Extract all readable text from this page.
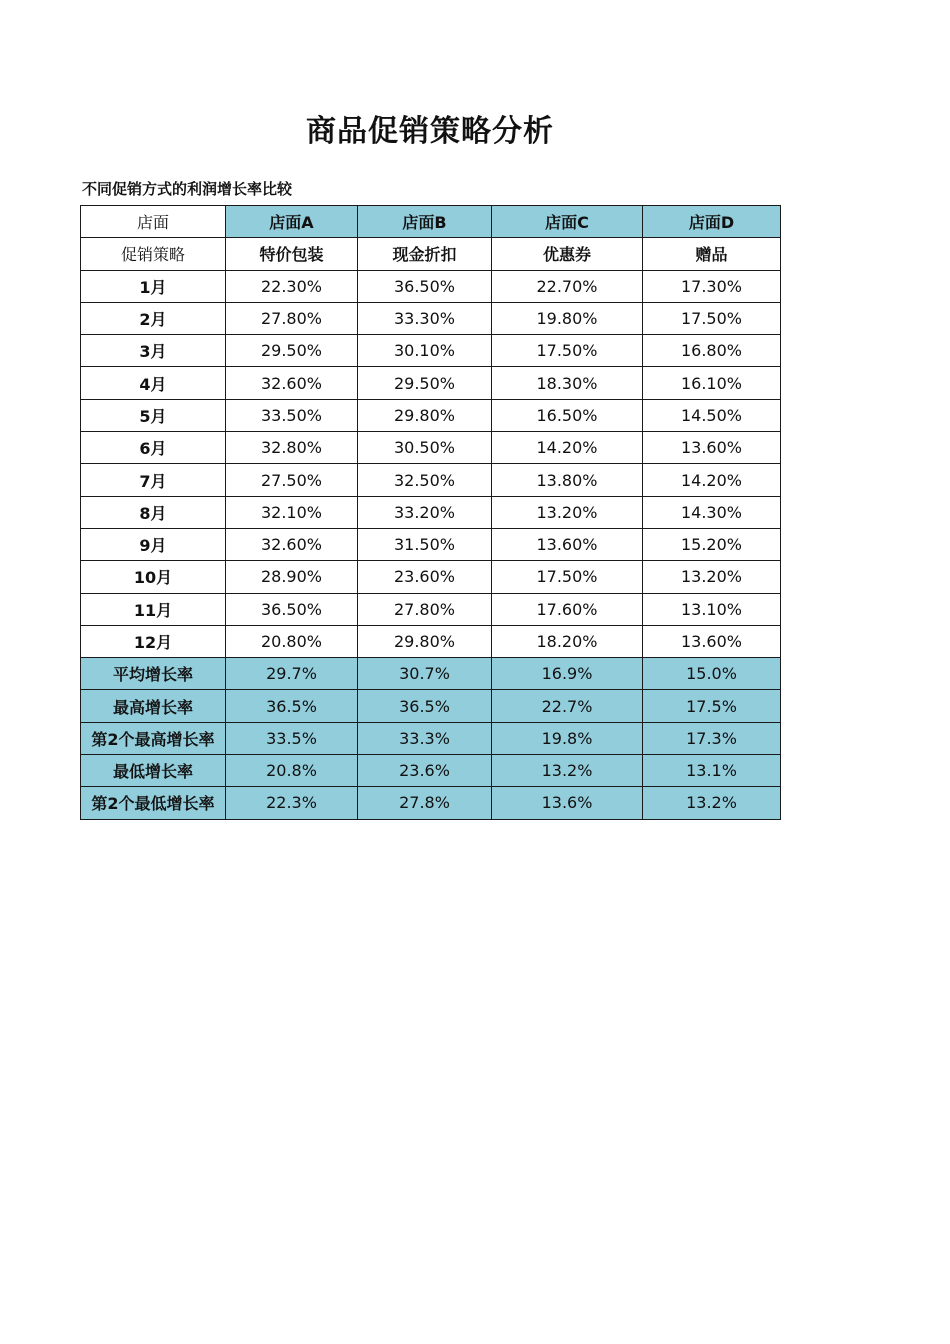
商品促销策略分析
不同促销方式的利润增长率比较
店面	店面A	店面B	店面C	店面D
促销策略	特价包装	现金折扣	优惠券	赠品
1月	22.30%	36.50%	22.70%	17.30%
2月	27.80%	33.30%	19.80%	17.50%
3月	29.50%	30.10%	17.50%	16.80%
4月	32.60%	29.50%	18.30%	16.10%
5月	33.50%	29.80%	16.50%	14.50%
6月	32.80%	30.50%	14.20%	13.60%
7月	27.50%	32.50%	13.80%	14.20%
8月	32.10%	33.20%	13.20%	14.30%
9月	32.60%	31.50%	13.60%	15.20%
10月	28.90%	23.60%	17.50%	13.20%
11月	36.50%	27.80%	17.60%	13.10%
12月	20.80%	29.80%	18.20%	13.60%
平均增长率	29.7%	30.7%	16.9%	15.0%
最高增长率	36.5%	36.5%	22.7%	17.5%
第2个最高增长率	33.5%	33.3%	19.8%	17.3%
最低增长率	20.8%	23.6%	13.2%	13.1%
第2个最低增长率	22.3%	27.8%	13.6%	13.2%
